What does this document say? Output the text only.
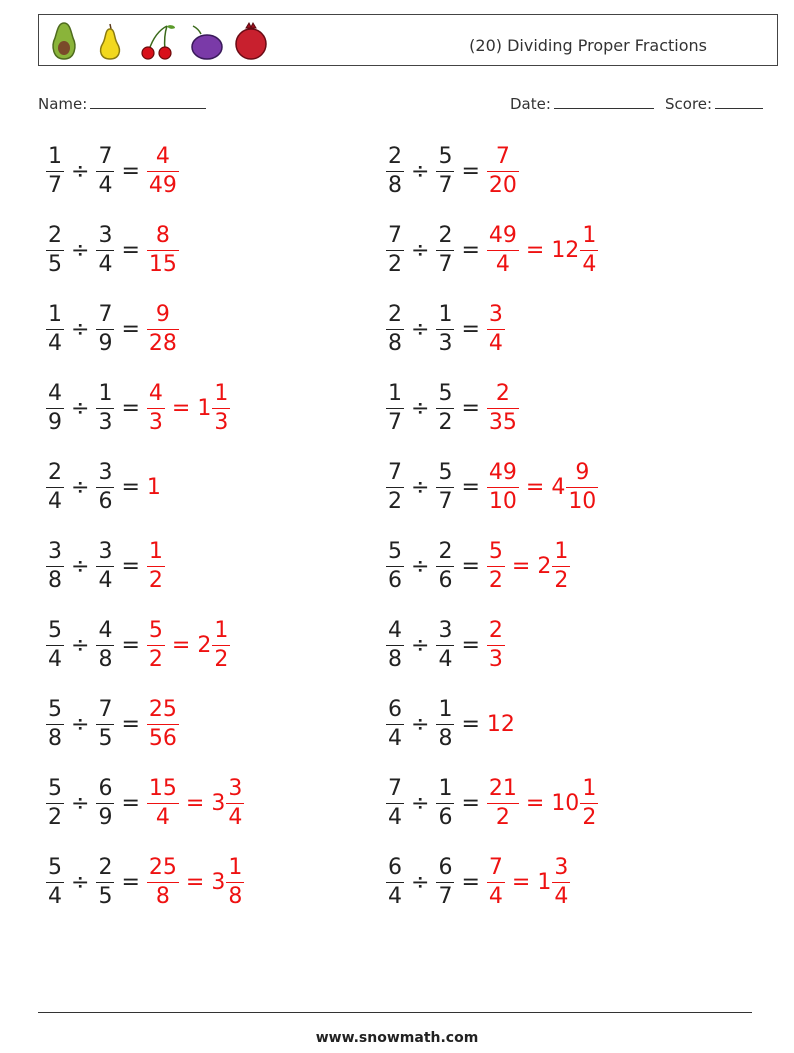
(20) Dividing Proper Fractions
Name:	Date:	Score:
$\frac{1}{7} \div \frac{7}{4} = \frac{4}{49}$	$\frac{2}{8} \div \frac{5}{7} = \frac{7}{20}$
$\frac{2}{5} \div \frac{3}{4} = \frac{8}{15}$	$\frac{7}{2} \div \frac{2}{7} = \frac{49}{4} = 12 \frac{1}{4}$
$\frac{1}{4} \div \frac{7}{9} = \frac{9}{28}$	$\frac{2}{8} \div \frac{1}{3} = \frac{3}{4}$
$\frac{4}{9} \div \frac{1}{3} = \frac{4}{3} = 1 \frac{1}{3}$	$\frac{1}{7} \div \frac{5}{2} = \frac{2}{35}$
$\frac{2}{4} \div \frac{3}{6} = 1$	$\frac{7}{2} \div \frac{5}{7} = \frac{49}{10} = 4 \frac{9}{10}$
$\frac{3}{8} \div \frac{3}{4} = \frac{1}{2}$	$\frac{5}{6} \div \frac{2}{6} = \frac{5}{2} = 2 \frac{1}{2}$
$\frac{5}{4} \div \frac{4}{8} = \frac{5}{2} = 2 \frac{1}{2}$	$\frac{4}{8} \div \frac{3}{4} = \frac{2}{3}$
$\frac{5}{8} \div \frac{7}{5} = \frac{25}{56}$	$\frac{6}{4} \div \frac{1}{8} = 12$
$\frac{5}{2} \div \frac{6}{9} = \frac{15}{4} = 3 \frac{3}{4}$	$\frac{7}{4} \div \frac{1}{6} = \frac{21}{2} = 10 \frac{1}{2}$
$\frac{5}{4} \div \frac{2}{5} = \frac{25}{8} = 3 \frac{1}{8}$	$\frac{6}{4} \div \frac{6}{7} = \frac{7}{4} = 1 \frac{3}{4}$
www.snowmath.com
